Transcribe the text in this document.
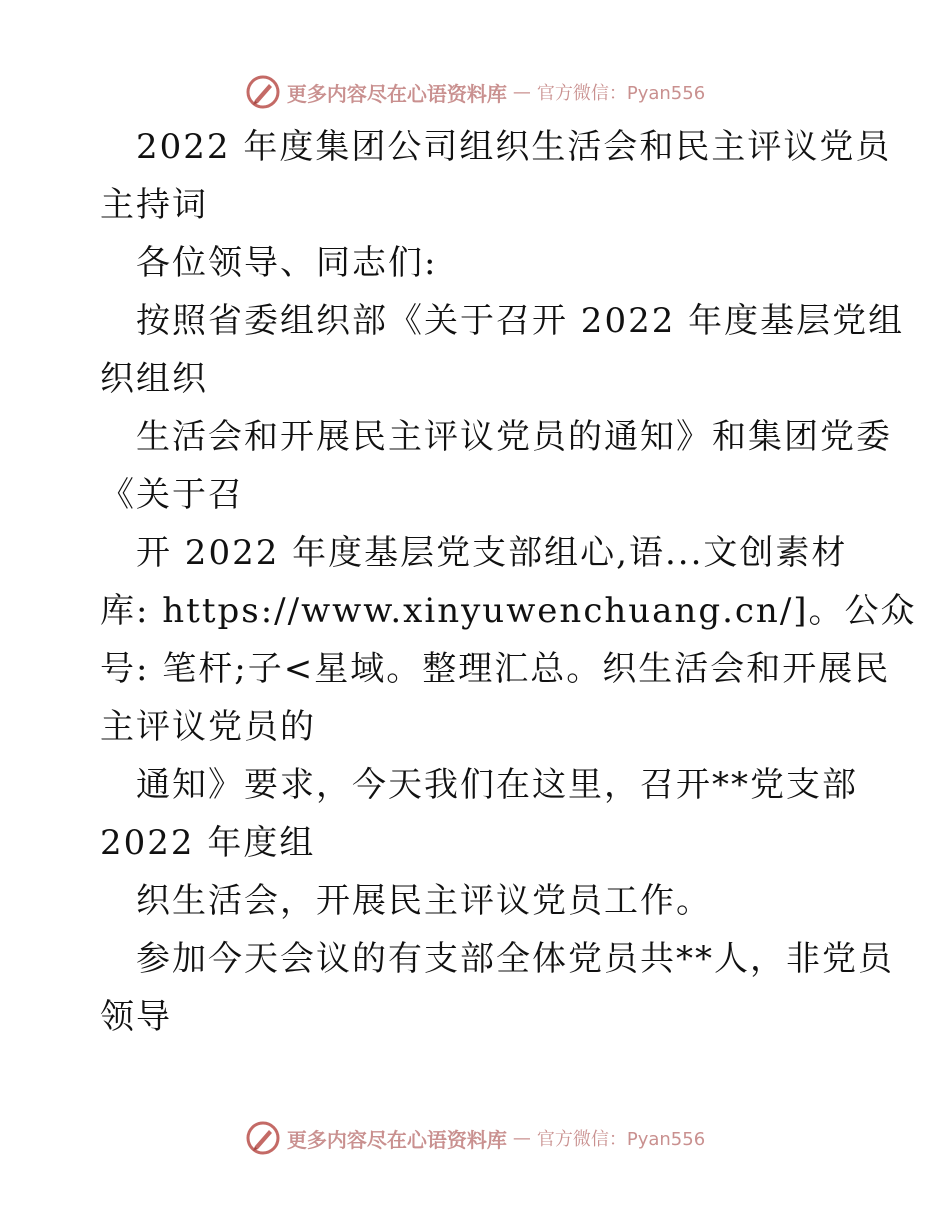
更多内容尽在心语资料库 — 官方微信：Pyan556
2022 年度集团公司组织生活会和民主评议党员
主持词
各位领导、同志们:
按照省委组织部《关于召开 2022 年度基层党组
织组织
生活会和开展民主评议党员的通知》和集团党委
《关于召
开 2022 年度基层党支部组心,语...文创素材
库: https://www.xinyuwenchuang.cn/]。公众
号: 笔杆;子<星域。整理汇总。织生活会和开展民
主评议党员的
通知》要求，今天我们在这里，召开**党支部
2022 年度组
织生活会，开展民主评议党员工作。
参加今天会议的有支部全体党员共**人，非党员
领导
更多内容尽在心语资料库 — 官方微信：Pyan556
